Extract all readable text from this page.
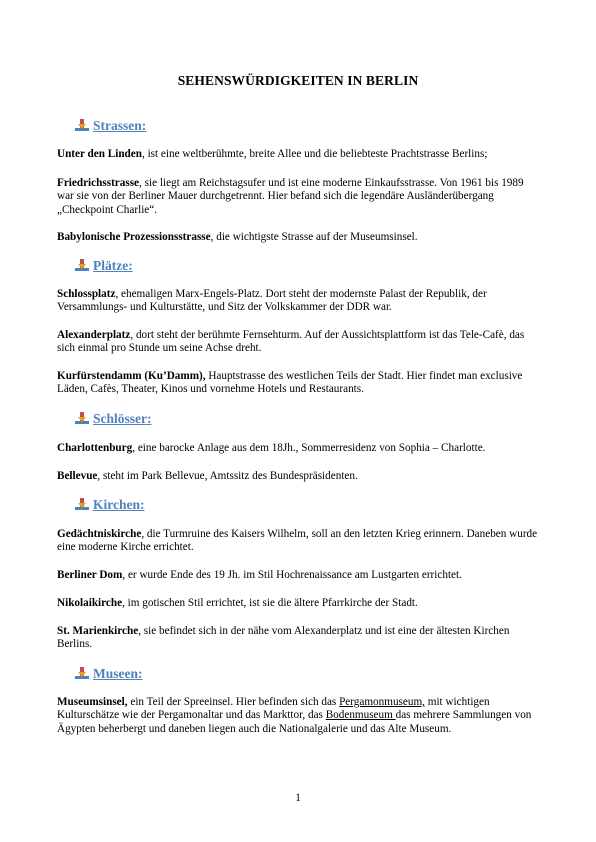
SEHENSWÜRDIGKEITEN IN BERLIN
Strassen:
Unter den Linden, ist eine weltberühmte, breite Allee und die beliebteste Prachtstrasse Berlins;
Friedrichsstrasse, sie liegt am Reichstagsufer und ist eine moderne Einkaufsstrasse. Von 1961 bis 1989 war sie von der Berliner Mauer durchgetrennt. Hier befand sich die legendäre Ausländerübergang „Checkpoint Charlie“.
Babylonische Prozessionsstrasse, die wichtigste Strasse auf der Museumsinsel.
Plätze:
Schlossplatz, ehemaligen Marx-Engels-Platz. Dort steht der modernste Palast der Republik, der Versammlungs- und Kulturstätte, und Sitz der Volkskammer der DDR war.
Alexanderplatz, dort steht der berühmte Fernsehturm. Auf der Aussichtsplattform ist das Tele-Cafè, das sich einmal pro Stunde um seine Achse dreht.
Kurfürstendamm (Ku’Damm), Hauptstrasse des westlichen Teils der Stadt. Hier findet man exclusive Läden, Cafès, Theater, Kinos und vornehme Hotels und Restaurants.
Schlösser:
Charlottenburg, eine barocke Anlage aus dem 18Jh., Sommerresidenz von Sophia – Charlotte.
Bellevue, steht im Park Bellevue, Amtssitz des Bundespräsidenten.
Kirchen:
Gedächtniskirche, die Turmruine des Kaisers Wilhelm, soll an den letzten Krieg erinnern. Daneben wurde eine moderne Kirche errichtet.
Berliner Dom, er wurde Ende des 19 Jh. im Stil Hochrenaissance am Lustgarten errichtet.
Nikolaikirche, im gotischen Stil errichtet, ist sie die ältere Pfarrkirche der Stadt.
St. Marienkirche, sie befindet sich in der nähe vom Alexanderplatz und ist eine der ältesten Kirchen Berlins.
Museen:
Museumsinsel, ein Teil der Spreeinsel. Hier befinden sich das Pergamonmuseum, mit wichtigen Kulturschätze wie der Pergamonaltar und das Markttor, das Bodenmuseum das mehrere Sammlungen von Ägypten beherbergt und daneben liegen auch die Nationalgalerie und das Alte Museum.
1
